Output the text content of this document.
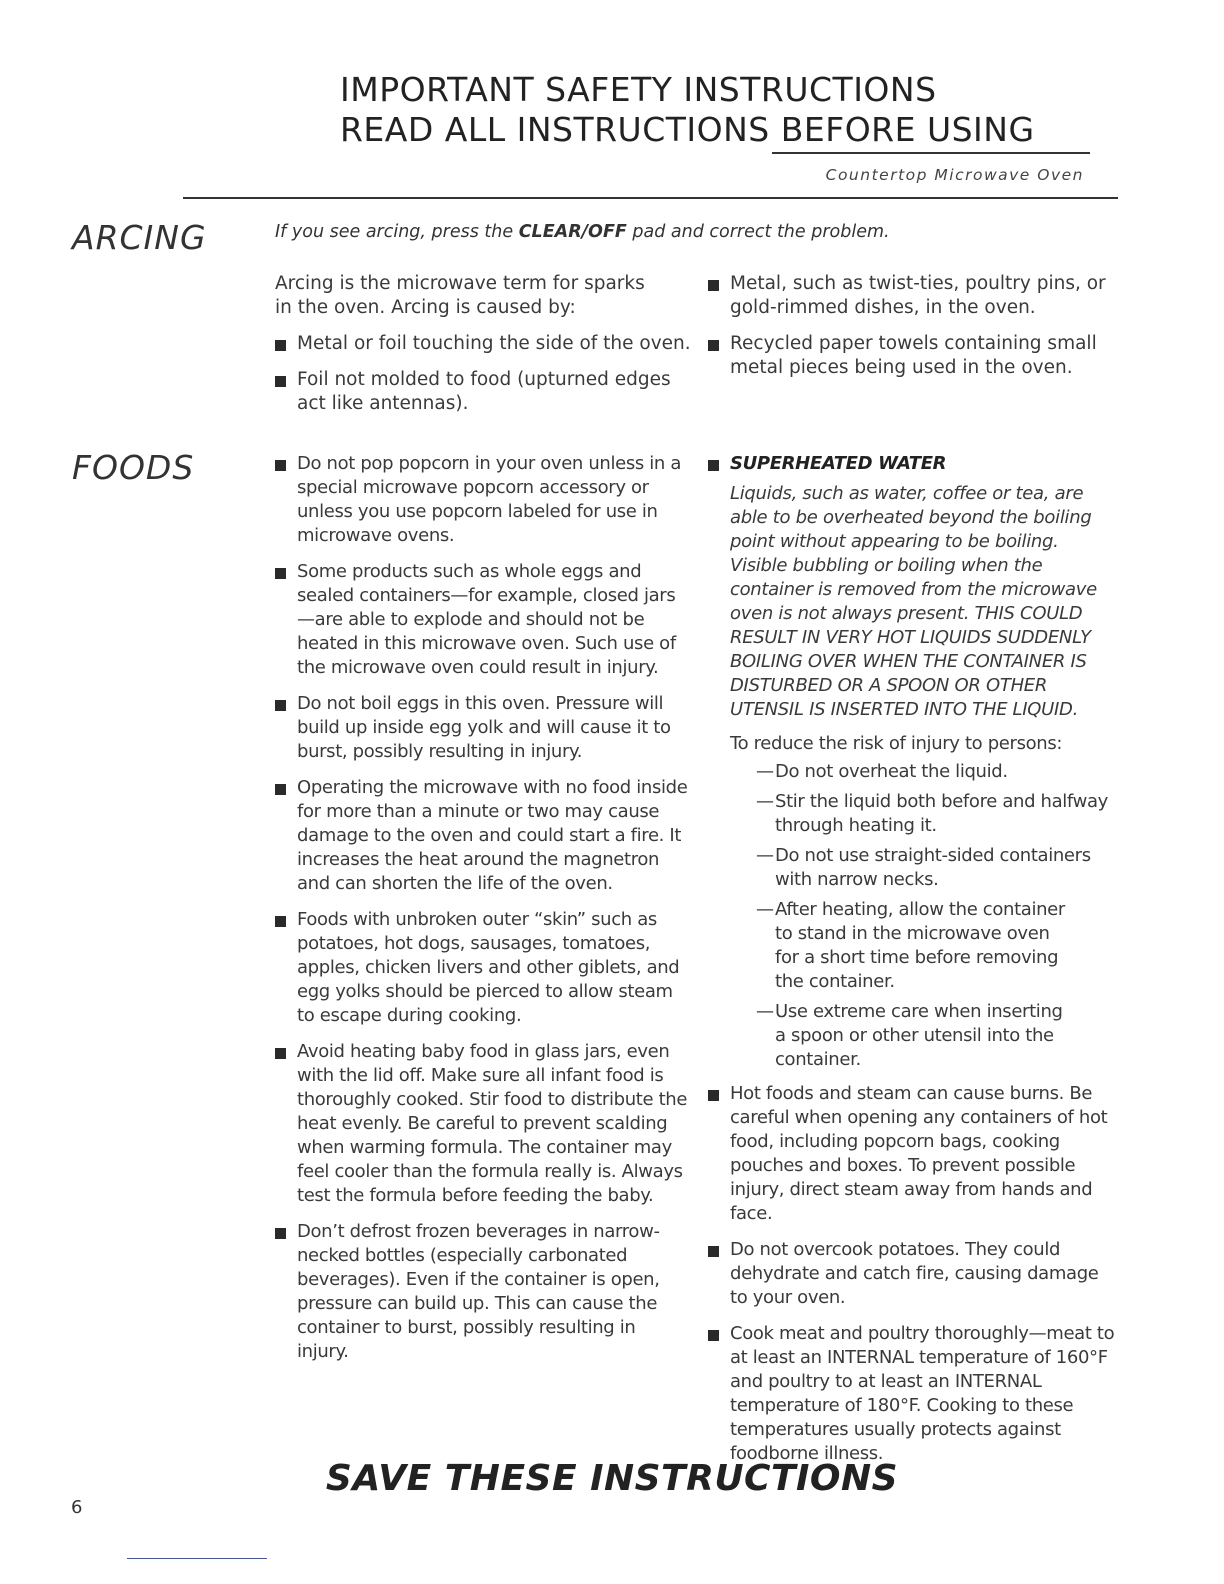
IMPORTANT SAFETY INSTRUCTIONS
READ ALL INSTRUCTIONS BEFORE USING
Countertop Microwave Oven
ARCING	If you see arcing, press the CLEAR/OFF pad and correct the problem.

Arcing is the microwave term for sparks in the oven. Arcing is caused by:

Metal or foil touching the side of the oven.
Foil not molded to food (upturned edges act like antennas).
Metal, such as twist-ties, poultry pins, or gold-rimmed dishes, in the oven.
Recycled paper towels containing small metal pieces being used in the oven.
FOODS	Do not pop popcorn in your oven unless in a special microwave popcorn accessory or unless you use popcorn labeled for use in microwave ovens.
Some products such as whole eggs and sealed containers—for example, closed jars—are able to explode and should not be heated in this microwave oven. Such use of the microwave oven could result in injury.
Do not boil eggs in this oven. Pressure will build up inside egg yolk and will cause it to burst, possibly resulting in injury.
Operating the microwave with no food inside for more than a minute or two may cause damage to the oven and could start a fire. It increases the heat around the magnetron and can shorten the life of the oven.
Foods with unbroken outer “skin” such as potatoes, hot dogs, sausages, tomatoes, apples, chicken livers and other giblets, and egg yolks should be pierced to allow steam to escape during cooking.
Avoid heating baby food in glass jars, even with the lid off. Make sure all infant food is thoroughly cooked. Stir food to distribute the heat evenly. Be careful to prevent scalding when warming formula. The container may feel cooler than the formula really is. Always test the formula before feeding the baby.
Don’t defrost frozen beverages in narrow-necked bottles (especially carbonated beverages). Even if the container is open, pressure can build up. This can cause the container to burst, possibly resulting in injury.
SUPERHEATED WATER
Liquids, such as water, coffee or tea, are able to be overheated beyond the boiling point without appearing to be boiling. Visible bubbling or boiling when the container is removed from the microwave oven is not always present. THIS COULD RESULT IN VERY HOT LIQUIDS SUDDENLY BOILING OVER WHEN THE CONTAINER IS DISTURBED OR A SPOON OR OTHER UTENSIL IS INSERTED INTO THE LIQUID.
To reduce the risk of injury to persons:
— Do not overheat the liquid.
— Stir the liquid both before and halfway through heating it.
— Do not use straight-sided containers with narrow necks.
— After heating, allow the container to stand in the microwave oven for a short time before removing the container.
— Use extreme care when inserting a spoon or other utensil into the container.
Hot foods and steam can cause burns. Be careful when opening any containers of hot food, including popcorn bags, cooking pouches and boxes. To prevent possible injury, direct steam away from hands and face.
Do not overcook potatoes. They could dehydrate and catch fire, causing damage to your oven.
Cook meat and poultry thoroughly—meat to at least an INTERNAL temperature of 160°F and poultry to at least an INTERNAL temperature of 180°F. Cooking to these temperatures usually protects against foodborne illness.
SAVE THESE INSTRUCTIONS
6
